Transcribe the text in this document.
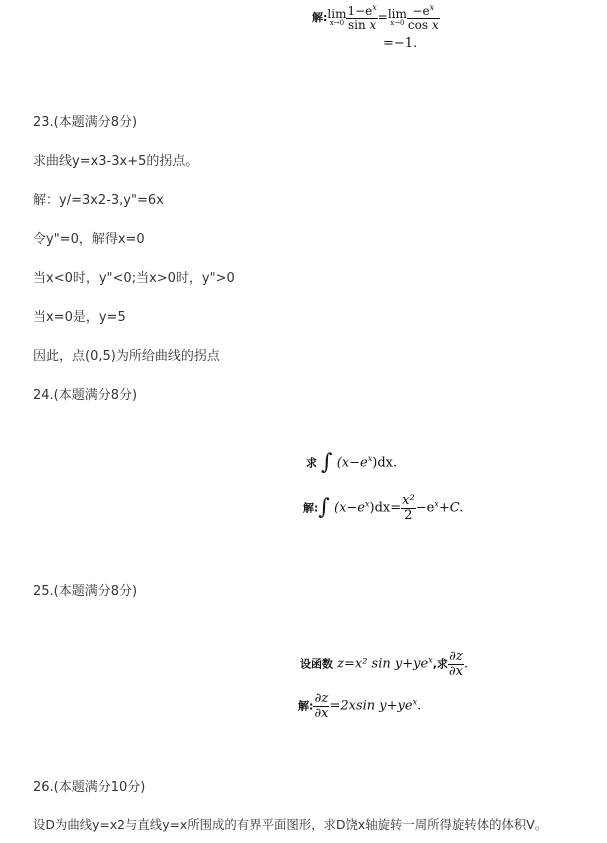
解:lim
$x\to 0 \frac{1-e^x}{\text{sin x}} =\lim$
$x\to 0 \frac{-e^x}{\text{cos x}}$
=−1.
23.(本题满分8分)
求曲线y=x3-3x+5的拐点。
解：y/=3x2-3,y"=6x
令y"=0，解得x=0
当x<0时，y"<0;当x>0时，y">0
当x=0是，y=5
因此，点(0,5)为所给曲线的拐点
24.(本题满分8分)
求 ∫ $(x-e^x)dx$.
解:∫ $(x-e^x)dx= \frac{\text{x²}}{2} -e^x+C$.
25.(本题满分8分)
设函数 z=x² $\sin y+ye^x$,求 $\frac{\partial z}{\partial x}$ .
解: $\frac{\partial z}{\partial x} =2xsin$ $y+ye^x$.
26.(本题满分10分)
设D为曲线y=x2与直线y=x所围成的有界平面图形，求D饶x轴旋转一周所得旋转体的体积V。
